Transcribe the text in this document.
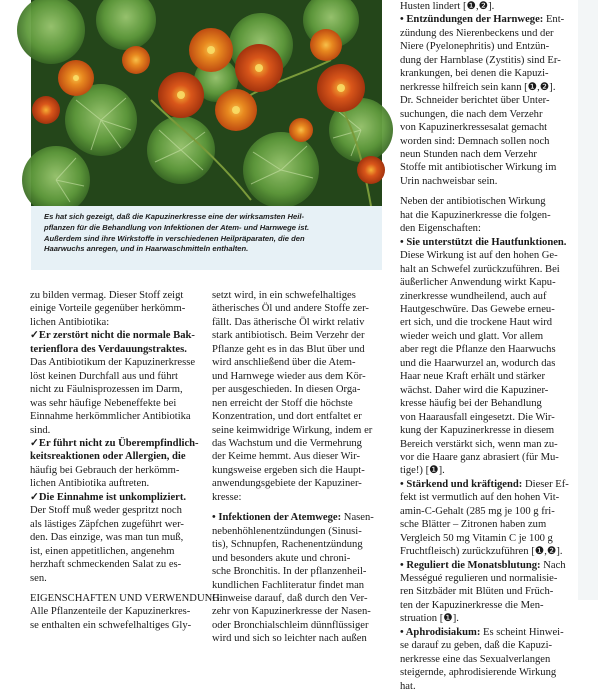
Es hat sich gezeigt, daß die Kapuzinerkresse eine der wirksamsten Heil-
pflanzen für die Behandlung von Infektionen der Atem- und Harnwege ist.
Außerdem sind ihre Wirkstoffe in verschiedenen Heilpräparaten, die den
Haarwuchs anregen, und in Haarwaschmitteln enthalten.
zu bilden vermag. Dieser Stoff zeigt
einige Vorteile gegenüber herkömm-
lichen Antibiotika:
✓Er zerstört nicht die normale Bak-
terienflora des Verdauungstraktes.
Das Antibiotikum der Kapuzinerkresse
löst keinen Durchfall aus und führt
nicht zu Fäulnisprozessen im Darm,
was sehr häufige Nebeneffekte bei
Einnahme herkömmlicher Antibiotika
sind.
✓Er führt nicht zu Überempfindlich-
keitsreaktionen oder Allergien, die
häufig bei Gebrauch der herkömm-
lichen Antibiotika auftreten.
✓Die Einnahme ist unkompliziert.
Der Stoff muß weder gespritzt noch
als lästiges Zäpfchen zugeführt wer-
den. Das einzige, was man tun muß,
ist, einen appetitlichen, angenehm
herzhaft schmeckenden Salat zu es-
sen.
EIGENSCHAFTEN UND VERWENDUNG:
Alle Pflanzenteile der Kapuzinerkres-
se enthalten ein schwefelhaltiges Gly-
setzt wird, in ein schwefelhaltiges
ätherisches Öl und andere Stoffe zer-
fällt. Das ätherische Öl wirkt relativ
stark antibiotisch. Beim Verzehr der
Pflanze geht es in das Blut über und
wird anschließend über die Atem-
und Harnwege wieder aus dem Kör-
per ausgeschieden. In diesen Orga-
nen erreicht der Stoff die höchste
Konzentration, und dort entfaltet er
seine keimwidrige Wirkung, indem er
das Wachstum und die Vermehrung
der Keime hemmt. Aus dieser Wir-
kungsweise ergeben sich die Haupt-
anwendungsgebiete der Kapuziner-
kresse:
• Infektionen der Atemwege: Nasen-
nebenhöhlenentzündungen (Sinusi-
tis), Schnupfen, Rachenentzündung
und besonders akute und chroni-
sche Bronchitis. In der pflanzenheil-
kundlichen Fachliteratur findet man
Hinweise darauf, daß durch den Ver-
zehr von Kapuzinerkresse der Nasen-
oder Bronchialschleim dünnflüssiger
wird und sich so leichter nach außen
Husten lindert [❶,❷].
• Entzündungen der Harnwege: Ent-
zündung des Nierenbeckens und der
Niere (Pyelonephritis) und Entzün-
dung der Harnblase (Zystitis) sind Er-
krankungen, bei denen die Kapuzi-
nerkresse hilfreich sein kann [❶,❷].
Dr. Schneider berichtet über Unter-
suchungen, die nach dem Verzehr
von Kapuzinerkressesalat gemacht
worden sind: Demnach sollen noch
neun Stunden nach dem Verzehr
Stoffe mit antibiotischer Wirkung im
Urin nachweisbar sein.
Neben der antibiotischen Wirkung
hat die Kapuzinerkresse die folgen-
den Eigenschaften:
• Sie unterstützt die Hautfunktionen.
Diese Wirkung ist auf den hohen Ge-
halt an Schwefel zurückzuführen. Bei
äußerlicher Anwendung wirkt Kapu-
zinerkresse wundheilend, auch auf
Hautgeschwüre. Das Gewebe erneu-
ert sich, und die trockene Haut wird
wieder weich und glatt. Vor allem
aber regt die Pflanze den Haarwuchs
und die Haarwurzel an, wodurch das
Haar neue Kraft erhält und stärker
wächst. Daher wird die Kapuziner-
kresse häufig bei der Behandlung
von Haarausfall eingesetzt. Die Wir-
kung der Kapuzinerkresse in diesem
Bereich verstärkt sich, wenn man zu-
vor die Haare ganz abrasiert (für Mu-
tige!) [❶].
• Stärkend und kräftigend: Dieser Ef-
fekt ist vermutlich auf den hohen Vit-
amin-C-Gehalt (285 mg je 100 g fri-
sche Blätter – Zitronen haben zum
Vergleich 50 mg Vitamin C je 100 g
Fruchtfleisch) zurückzuführen [❶,❷].
• Reguliert die Monatsblutung: Nach
Mességué regulieren und normalisie-
ren Sitzbäder mit Blüten und Früch-
ten der Kapuzinerkresse die Men-
struation [❶].
• Aphrodisiakum: Es scheint Hinwei-
se darauf zu geben, daß die Kapuzi-
nerkresse eine das Sexualverlangen
steigernde, aphrodisierende Wirkung
hat.
